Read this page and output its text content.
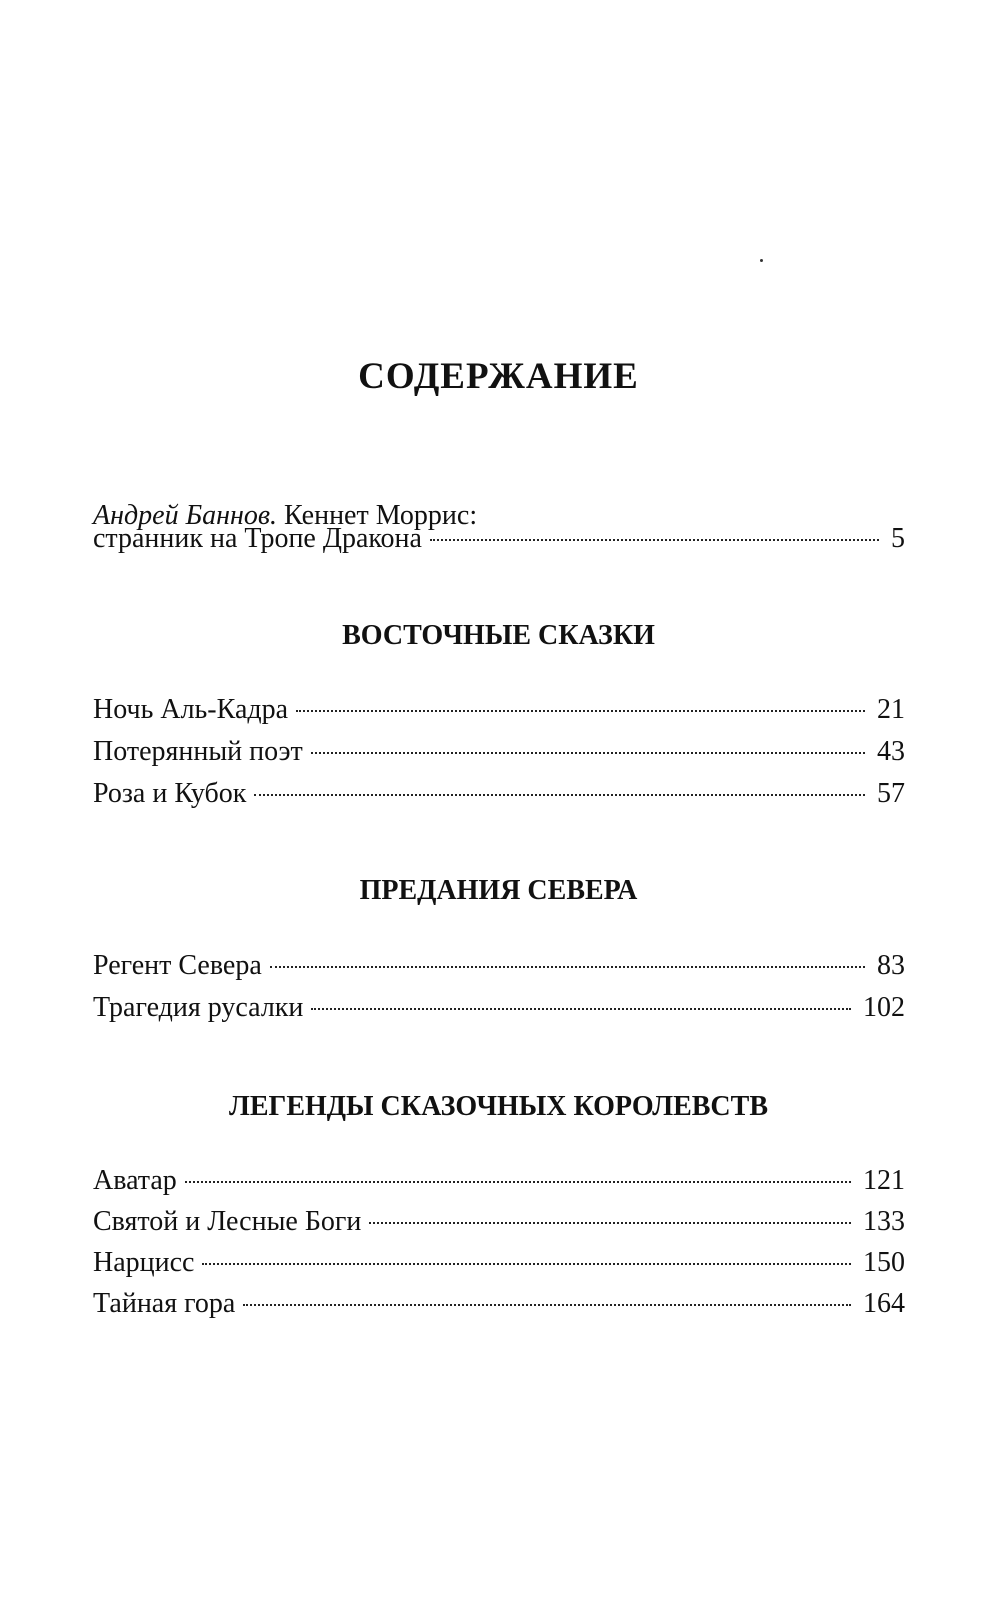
СОДЕРЖАНИЕ
Андрей Баннов. Кеннет Моррис:
странник на Тропе Дракона	5
ВОСТОЧНЫЕ СКАЗКИ
Ночь Аль-Кадра	21
Потерянный поэт	43
Роза и Кубок	57
ПРЕДАНИЯ СЕВЕРА
Регент Севера	83
Трагедия русалки	102
ЛЕГЕНДЫ СКАЗОЧНЫХ КОРОЛЕВСТВ
Аватар	121
Святой и Лесные Боги	133
Нарцисс	150
Тайная гора	164
